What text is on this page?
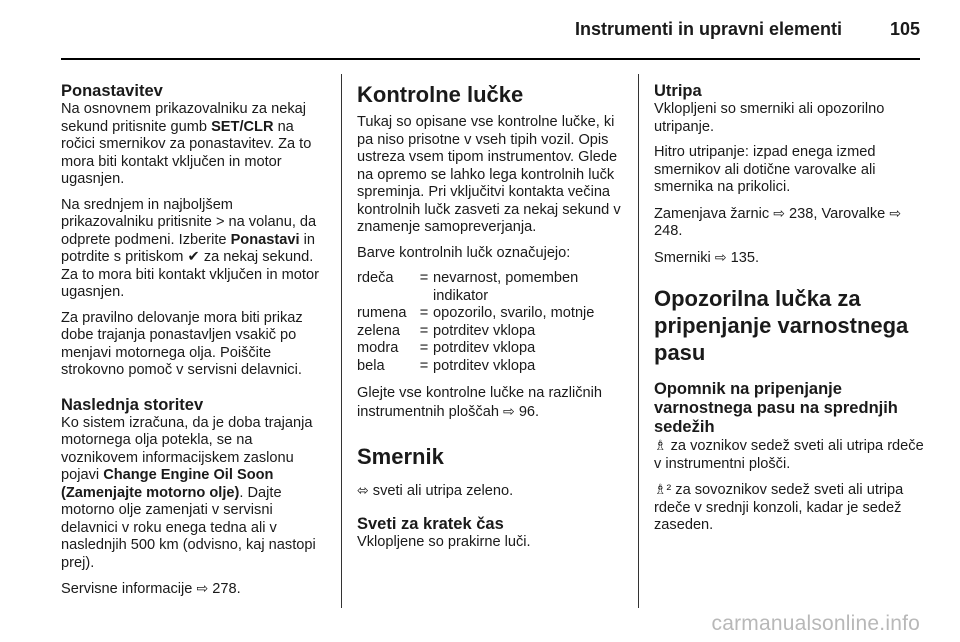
Instrumenti in upravni elementi	105
Ponastavitev

Na osnovnem prikazovalniku za nekaj sekund pritisnite gumb SET/CLR na ročici smernikov za ponastavitev. Za to mora biti kontakt vključen in motor ugasnjen.

Na srednjem in najboljšem prikazovalniku pritisnite > na volanu, da odprete podmeni. Izberite Ponastavi in potrdite s pritiskom ✔ za nekaj sekund. Za to mora biti kontakt vključen in motor ugasnjen.

Za pravilno delovanje mora biti prikaz dobe trajanja ponastavljen vsakič po menjavi motornega olja. Poiščite strokovno pomoč v servisni delavnici.

Naslednja storitev

Ko sistem izračuna, da je doba trajanja motornega olja potekla, se na voznikovem informacijskem zaslonu pojavi Change Engine Oil Soon (Zamenjajte motorno olje). Dajte motorno olje zamenjati v servisni delavnici v roku enega tedna ali v naslednjih 500 km (odvisno, kaj nastopi prej).

Servisne informacije ⇨ 278.

Kontrolne lučke

Tukaj so opisane vse kontrolne lučke, ki pa niso prisotne v vseh tipih vozil. Opis ustreza vsem tipom instrumentov. Glede na opremo se lahko lega kontrolnih lučk spreminja. Pri vključitvi kontakta večina kontrolnih lučk zasveti za nekaj sekund v znamenje samopreverjanja.

Barve kontrolnih lučk označujejo:

rdeča	=	nevarnost, pomemben indikator
rumena	=	opozorilo, svarilo, motnje
zelena	=	potrditev vklopa
modra	=	potrditev vklopa
bela	=	potrditev vklopa

Glejte vse kontrolne lučke na različnih instrumentnih ploščah ⇨ 96.

Smernik

⬄ sveti ali utripa zeleno.

Sveti za kratek čas

Vklopljene so prakirne luči.

Utripa

Vklopljeni so smerniki ali opozorilno utripanje.

Hitro utripanje: izpad enega izmed smernikov ali dotične varovalke ali smernika na prikolici.

Zamenjava žarnic ⇨ 238, Varovalke ⇨ 248.

Smerniki ⇨ 135.

Opozorilna lučka za pripenjanje varnostnega pasu
Opomnik na pripenjanje varnostnega pasu na sprednjih sedežih

♗ za voznikov sedež sveti ali utripa rdeče v instrumentni plošči.

♗² za sovoznikov sedež sveti ali utripa rdeče v srednji konzoli, kadar je sedež zaseden.

carmanualsonline.info
